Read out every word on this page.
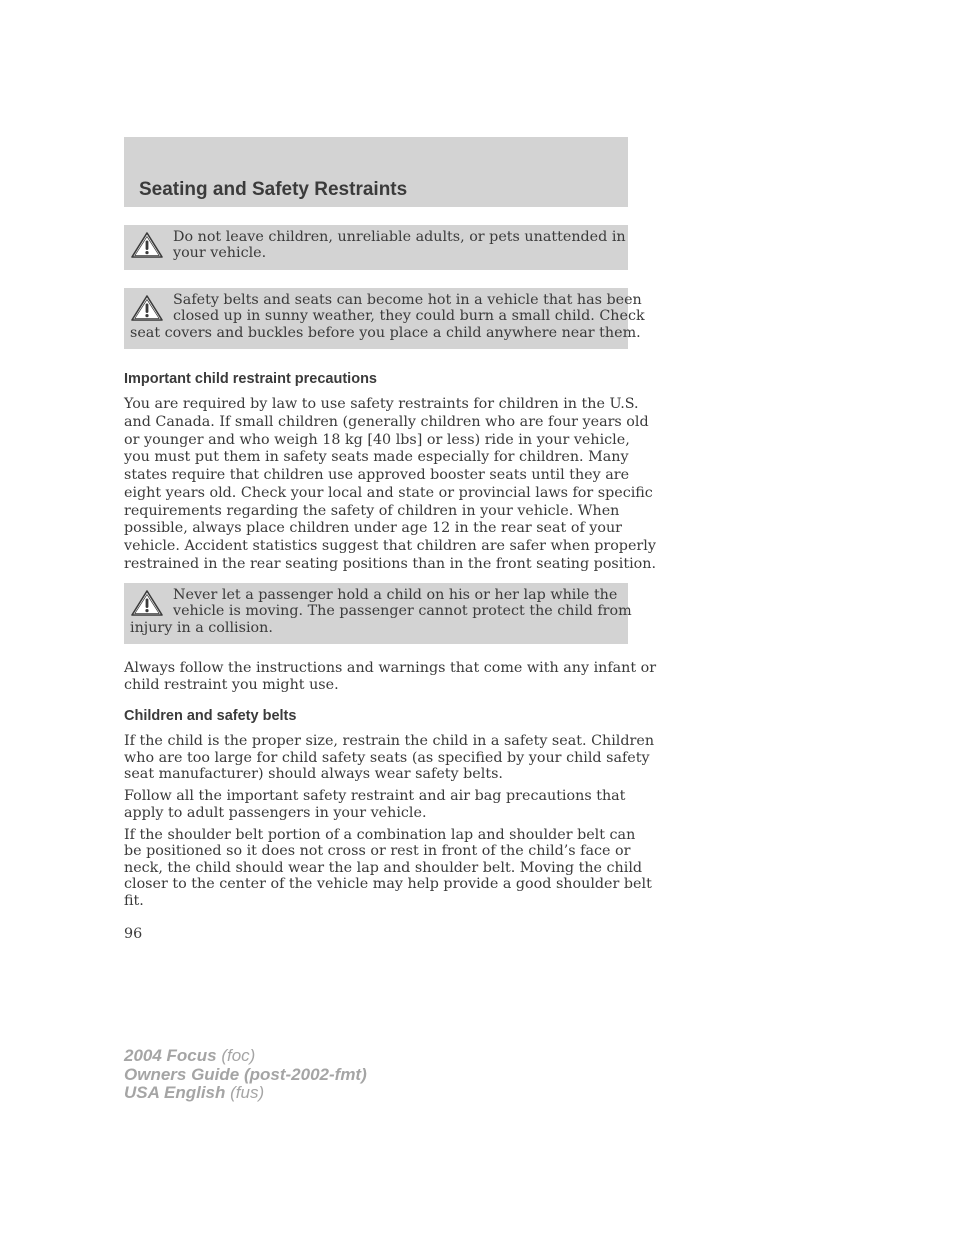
Seating and Safety Restraints

Do not leave children, unreliable adults, or pets unattended in

your vehicle.

Safety belts and seats can become hot in a vehicle that has been

closed up in sunny weather, they could burn a small child. Check

seat covers and buckles before you place a child anywhere near them.

Important child restraint precautions

You are required by law to use safety restraints for children in the U.S.
and Canada. If small children (generally children who are four years old
or younger and who weigh 18 kg [40 lbs] or less) ride in your vehicle,
you must put them in safety seats made especially for children. Many
states require that children use approved booster seats until they are
eight years old. Check your local and state or provincial laws for specific
requirements regarding the safety of children in your vehicle. When
possible, always place children under age 12 in the rear seat of your
vehicle. Accident statistics suggest that children are safer when properly
restrained in the rear seating positions than in the front seating position.

Never let a passenger hold a child on his or her lap while the

vehicle is moving. The passenger cannot protect the child from

injury in a collision.

Always follow the instructions and warnings that come with any infant or
child restraint you might use.

Children and safety belts

If the child is the proper size, restrain the child in a safety seat. Children
who are too large for child safety seats (as specified by your child safety
seat manufacturer) should always wear safety belts.

Follow all the important safety restraint and air bag precautions that
apply to adult passengers in your vehicle.

If the shoulder belt portion of a combination lap and shoulder belt can
be positioned so it does not cross or rest in front of the child’s face or
neck, the child should wear the lap and shoulder belt. Moving the child
closer to the center of the vehicle may help provide a good shoulder belt
fit.

96

2004 Focus (foc)
Owners Guide (post-2002-fmt)
USA English (fus)
